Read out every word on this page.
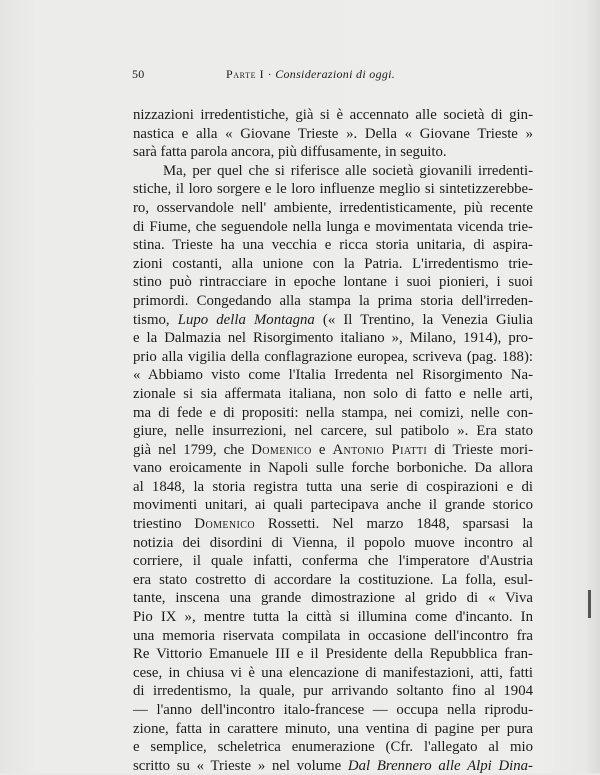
50	Parte I · Considerazioni di oggi.
nizzazioni irredentistiche, già si è accennato alle società di gin-
nastica e alla « Giovane Trieste ». Della « Giovane Trieste »
sarà fatta parola ancora, più diffusamente, in seguito.
Ma, per quel che si riferisce alle società giovanili irredenti-
stiche, il loro sorgere e le loro influenze meglio si sintetizzerebbe-
ro, osservandole nell' ambiente, irredentisticamente, più recente
di Fiume, che seguendole nella lunga e movimentata vicenda trie-
stina. Trieste ha una vecchia e ricca storia unitaria, di aspira-
zioni costanti, alla unione con la Patria. L'irredentismo trie-
stino può rintracciare in epoche lontane i suoi pionieri, i suoi
primordi. Congedando alla stampa la prima storia dell'irreden-
tismo, Lupo della Montagna (« Il Trentino, la Venezia Giulia
e la Dalmazia nel Risorgimento italiano », Milano, 1914), pro-
prio alla vigilia della conflagrazione europea, scriveva (pag. 188):
« Abbiamo visto come l'Italia Irredenta nel Risorgimento Na-
zionale si sia affermata italiana, non solo di fatto e nelle arti,
ma di fede e di propositi: nella stampa, nei comizi, nelle con-
giure, nelle insurrezioni, nel carcere, sul patibolo ». Era stato
già nel 1799, che Domenico e Antonio Piatti di Trieste mori-
vano eroicamente in Napoli sulle forche borboniche. Da allora
al 1848, la storia registra tutta una serie di cospirazioni e di
movimenti unitari, ai quali partecipava anche il grande storico
triestino Domenico Rossetti. Nel marzo 1848, sparsasi la
notizia dei disordini di Vienna, il popolo muove incontro al
corriere, il quale infatti, conferma che l'imperatore d'Austria
era stato costretto di accordare la costituzione. La folla, esul-
tante, inscena una grande dimostrazione al grido di « Viva
Pio IX », mentre tutta la città si illumina come d'incanto. In
una memoria riservata compilata in occasione dell'incontro fra
Re Vittorio Emanuele III e il Presidente della Repubblica fran-
cese, in chiusa vi è una elencazione di manifestazioni, atti, fatti
di irredentismo, la quale, pur arrivando soltanto fino al 1904
— l'anno dell'incontro italo-francese — occupa nella riprodu-
zione, fatta in carattere minuto, una ventina di pagine per pura
e semplice, scheletrica enumerazione (Cfr. l'allegato al mio
scritto su « Trieste » nel volume Dal Brennero alle Alpi Dina-
